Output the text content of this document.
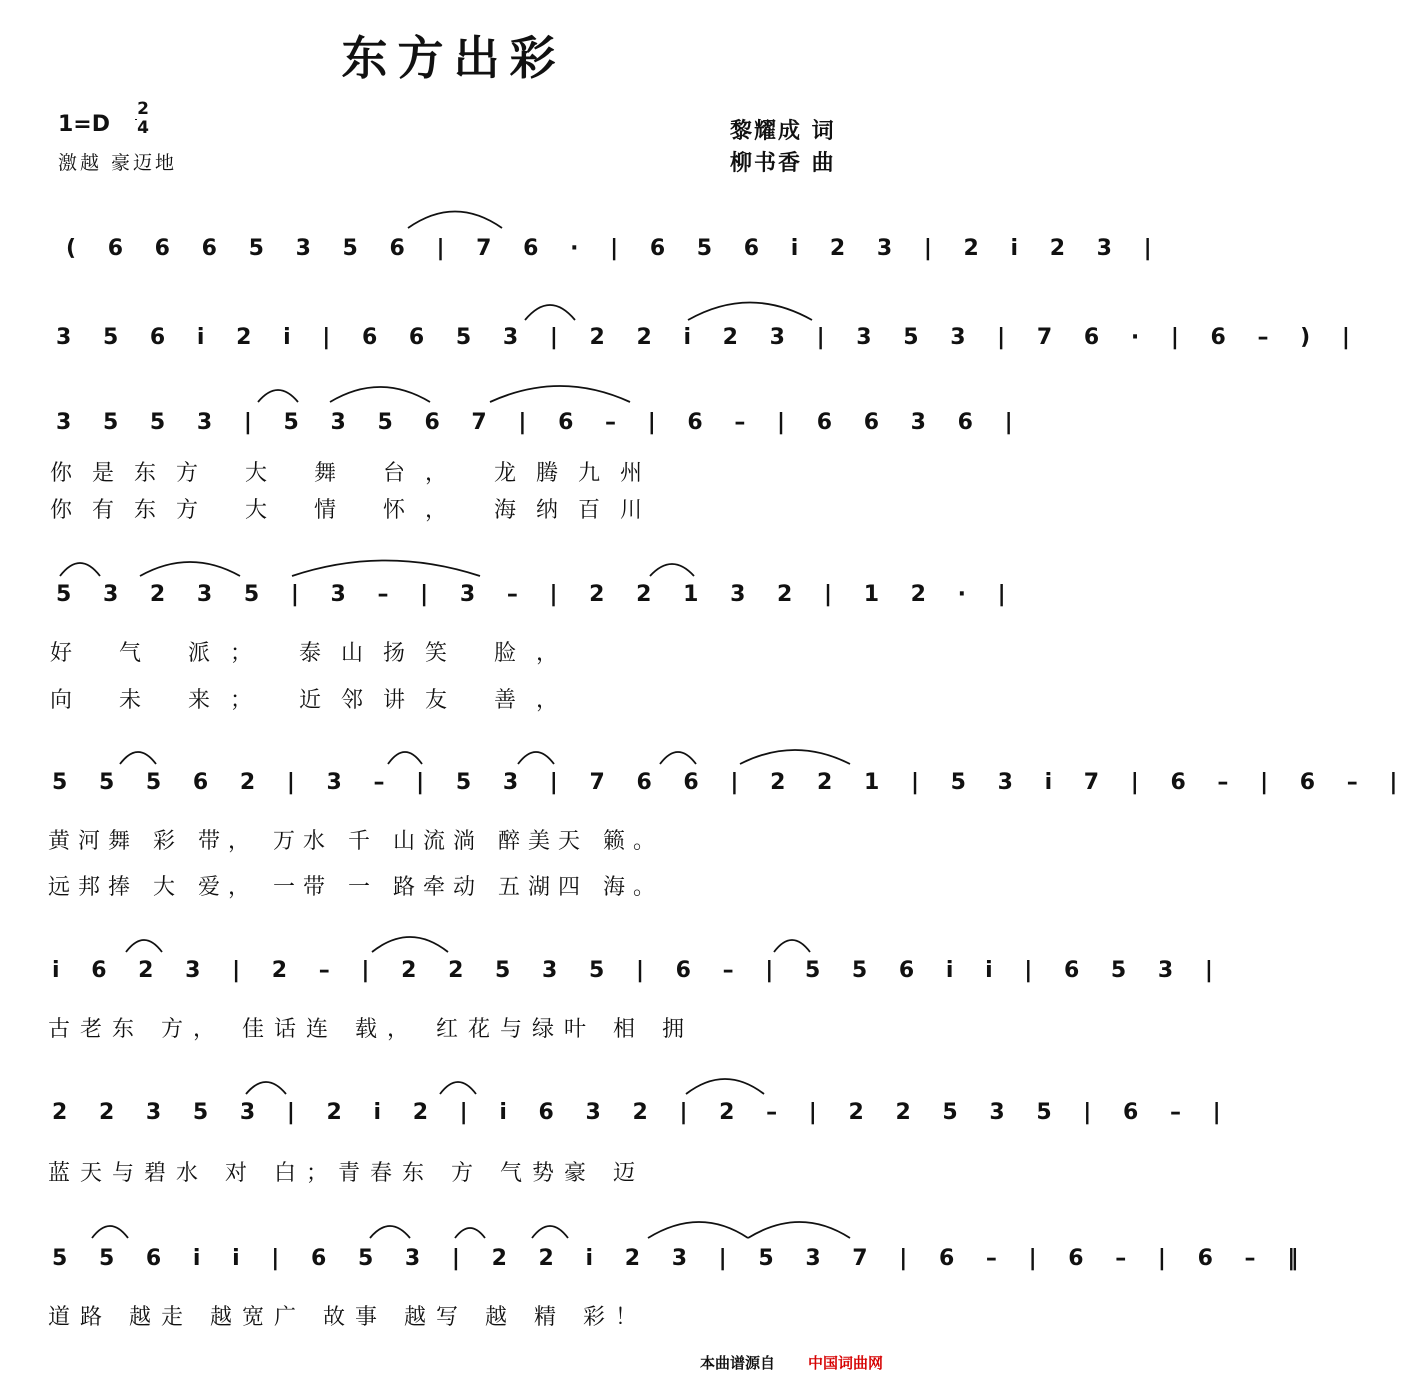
东方出彩
1=D
2
4
激越 豪迈地
黎耀成 词
柳书香 曲
( 6 6 6 5 3 5 6 | 7 6 · | 6 5 6 i 2 3 | 2 i 2 3 |
3 5 6 i 2 i | 6 6 5 3 | 2 2 i 2 3 | 3 5 3 | 7 6 · | 6 – ) |
3 5 5 3 | 5 3 5 6 7 | 6 – | 6 – | 6 6 3 6 |
你是东方 大 舞 台， 龙腾九州
你有东方 大 情 怀， 海纳百川
5 3 2 3 5 | 3 – | 3 – | 2 2 1 3 2 | 1 2 · |
好 气 派； 泰山扬笑 脸，
向 未 来； 近邻讲友 善，
5 5 5 6 2 | 3 – | 5 3 | 7 6 6 | 2 2 1 | 5 3 i 7 | 6 – | 6 – |
黄河舞 彩 带， 万水 千 山流淌 醉美天 籁。
远邦捧 大 爱， 一带 一 路牵动 五湖四 海。
i 6 2 3 | 2 – | 2 2 5 3 5 | 6 – | 5 5 6 i i | 6 5 3 |
古老东 方， 佳话连 载， 红花与绿叶 相 拥
2 2 3 5 3 | 2 i 2 | i 6 3 2 | 2 – | 2 2 5 3 5 | 6 – |
蓝天与碧水 对 白；青春东 方 气势豪 迈
5 5 6 i i | 6 5 3 | 2 2 i 2 3 | 5 3 7 | 6 – | 6 – | 6 – ‖
道路 越走 越宽广 故事 越写 越 精 彩！
本曲谱源自 中国词曲网
